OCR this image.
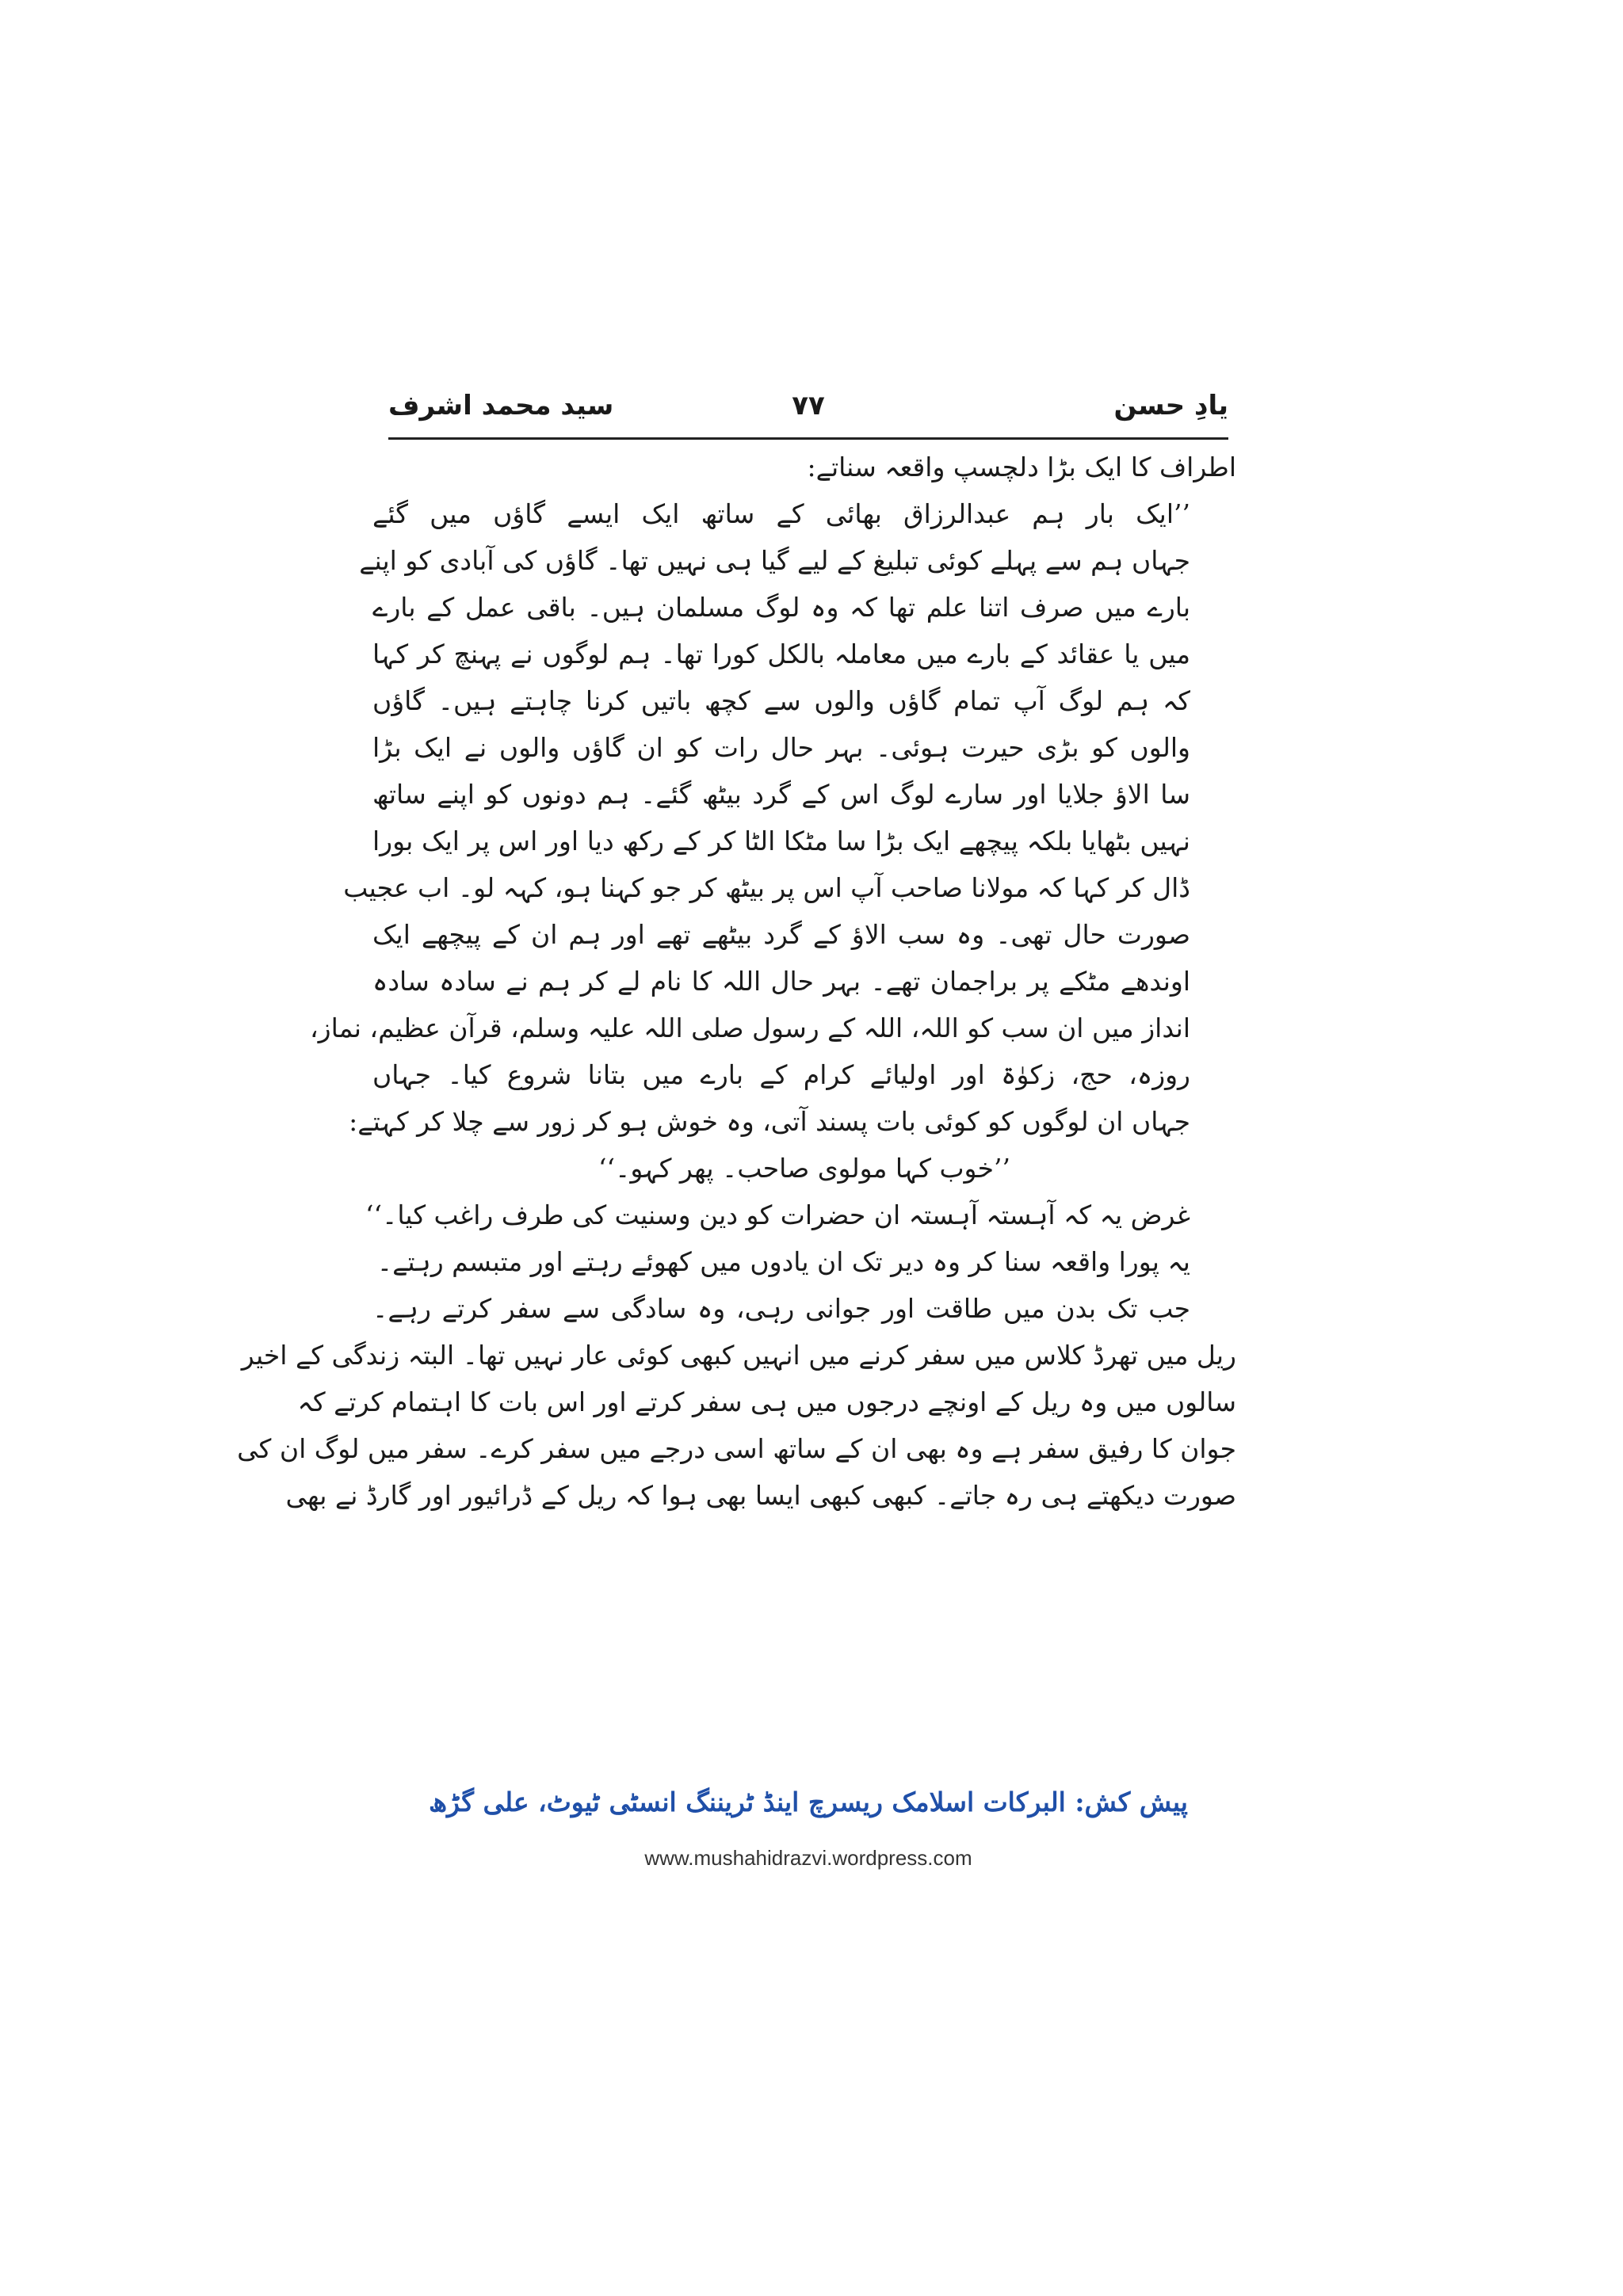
یادِ حسن
۷۷
سید محمد اشرف
اطراف کا ایک بڑا دلچسپ واقعہ سناتے:
’’ایک بار ہم عبدالرزاق بھائی کے ساتھ ایک ایسے گاؤں میں گئے
جہاں ہم سے پہلے کوئی تبلیغ کے لیے گیا ہی نہیں تھا۔ گاؤں کی آبادی کو اپنے
بارے میں صرف اتنا علم تھا کہ وہ لوگ مسلمان ہیں۔ باقی عمل کے بارے
میں یا عقائد کے بارے میں معاملہ بالکل کورا تھا۔ ہم لوگوں نے پہنچ کر کہا
کہ ہم لوگ آپ تمام گاؤں والوں سے کچھ باتیں کرنا چاہتے ہیں۔ گاؤں
والوں کو بڑی حیرت ہوئی۔ بہر حال رات کو ان گاؤں والوں نے ایک بڑا
سا الاؤ جلایا اور سارے لوگ اس کے گرد بیٹھ گئے۔ ہم دونوں کو اپنے ساتھ
نہیں بٹھایا بلکہ پیچھے ایک بڑا سا مٹکا الٹا کر کے رکھ دیا اور اس پر ایک بورا
ڈال کر کہا کہ مولانا صاحب آپ اس پر بیٹھ کر جو کہنا ہو، کہہ لو۔ اب عجیب
صورت حال تھی۔ وہ سب الاؤ کے گرد بیٹھے تھے اور ہم ان کے پیچھے ایک
اوندھے مٹکے پر براجمان تھے۔ بہر حال اللہ کا نام لے کر ہم نے سادہ سادہ
انداز میں ان سب کو اللہ، اللہ کے رسول صلی اللہ علیہ وسلم، قرآن عظیم، نماز،
روزہ، حج، زکوٰۃ اور اولیائے کرام کے بارے میں بتانا شروع کیا۔ جہاں
جہاں ان لوگوں کو کوئی بات پسند آتی، وہ خوش ہو کر زور سے چلا کر کہتے:
’’خوب کہا مولوی صاحب۔ پھر کہو۔‘‘
غرض یہ کہ آہستہ آہستہ ان حضرات کو دین وسنیت کی طرف راغب کیا۔‘‘
یہ پورا واقعہ سنا کر وہ دیر تک ان یادوں میں کھوئے رہتے اور متبسم رہتے۔
جب تک بدن میں طاقت اور جوانی رہی، وہ سادگی سے سفر کرتے رہے۔
ریل میں تھرڈ کلاس میں سفر کرنے میں انہیں کبھی کوئی عار نہیں تھا۔ البتہ زندگی کے اخیر
سالوں میں وہ ریل کے اونچے درجوں میں ہی سفر کرتے اور اس بات کا اہتمام کرتے کہ
جوان کا رفیق سفر ہے وہ بھی ان کے ساتھ اسی درجے میں سفر کرے۔ سفر میں لوگ ان کی
صورت دیکھتے ہی رہ جاتے۔ کبھی کبھی ایسا بھی ہوا کہ ریل کے ڈرائیور اور گارڈ نے بھی
پیش کش: البرکات اسلامک ریسرچ اینڈ ٹریننگ انسٹی ٹیوٹ، علی گڑھ
www.mushahidrazvi.wordpress.com
